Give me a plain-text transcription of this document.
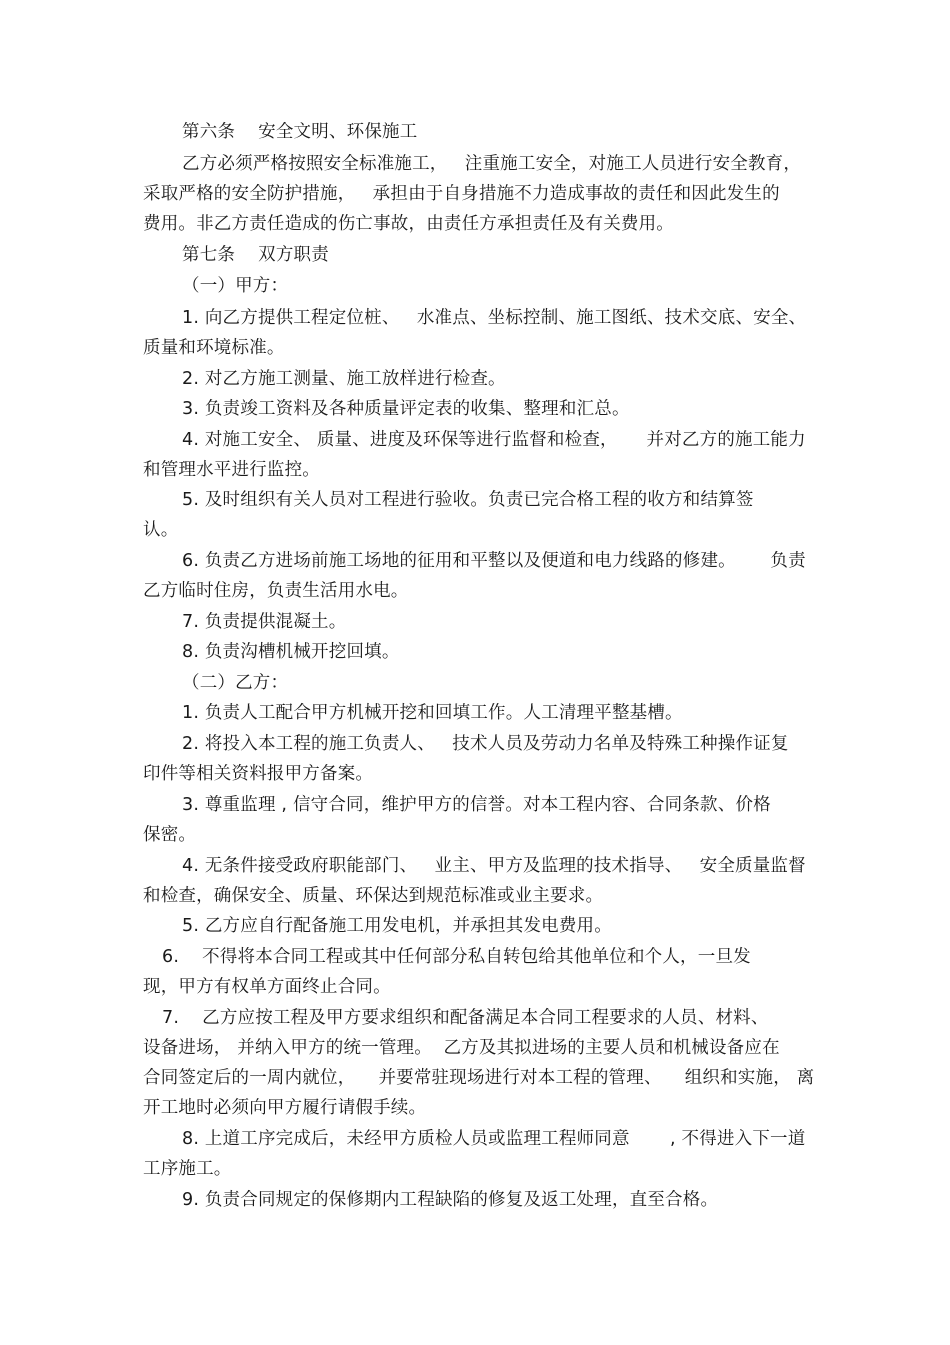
第六条    安全文明、环保施工
乙方必须严格按照安全标准施工，   注重施工安全，对施工人员进行安全教育，
采取严格的安全防护措施，   承担由于自身措施不力造成事故的责任和因此发生的
费用。非乙方责任造成的伤亡事故，由责任方承担责任及有关费用。
第七条    双方职责
（一）甲方：
1. 向乙方提供工程定位桩、   水准点、坐标控制、施工图纸、技术交底、安全、
质量和环境标准。
2. 对乙方施工测量、施工放样进行检查。
3. 负责竣工资料及各种质量评定表的收集、整理和汇总。
4. 对施工安全、 质量、进度及环保等进行监督和检查，     并对乙方的施工能力
和管理水平进行监控。
5. 及时组织有关人员对工程进行验收。负责已完合格工程的收方和结算签
认。
6. 负责乙方进场前施工场地的征用和平整以及便道和电力线路的修建。      负责
乙方临时住房，负责生活用水电。
7. 负责提供混凝土。
8. 负责沟槽机械开挖回填。
（二）乙方：
1. 负责人工配合甲方机械开挖和回填工作。人工清理平整基槽。
2. 将投入本工程的施工负责人、   技术人员及劳动力名单及特殊工种操作证复
印件等相关资料报甲方备案。
3. 尊重监理 , 信守合同，维护甲方的信誉。对本工程内容、合同条款、价格
保密。
4. 无条件接受政府职能部门、   业主、甲方及监理的技术指导、   安全质量监督
和检查，确保安全、质量、环保达到规范标准或业主要求。
5. 乙方应自行配备施工用发电机，并承担其发电费用。
6.    不得将本合同工程或其中任何部分私自转包给其他单位和个人，一旦发
现，甲方有权单方面终止合同。
7.    乙方应按工程及甲方要求组织和配备满足本合同工程要求的人员、材料、
设备进场， 并纳入甲方的统一管理。  乙方及其拟进场的主要人员和机械设备应在
合同签定后的一周内就位，    并要常驻现场进行对本工程的管理、    组织和实施， 离
开工地时必须向甲方履行请假手续。
8. 上道工序完成后，未经甲方质检人员或监理工程师同意       , 不得进入下一道
工序施工。
9. 负责合同规定的保修期内工程缺陷的修复及返工处理，直至合格。
